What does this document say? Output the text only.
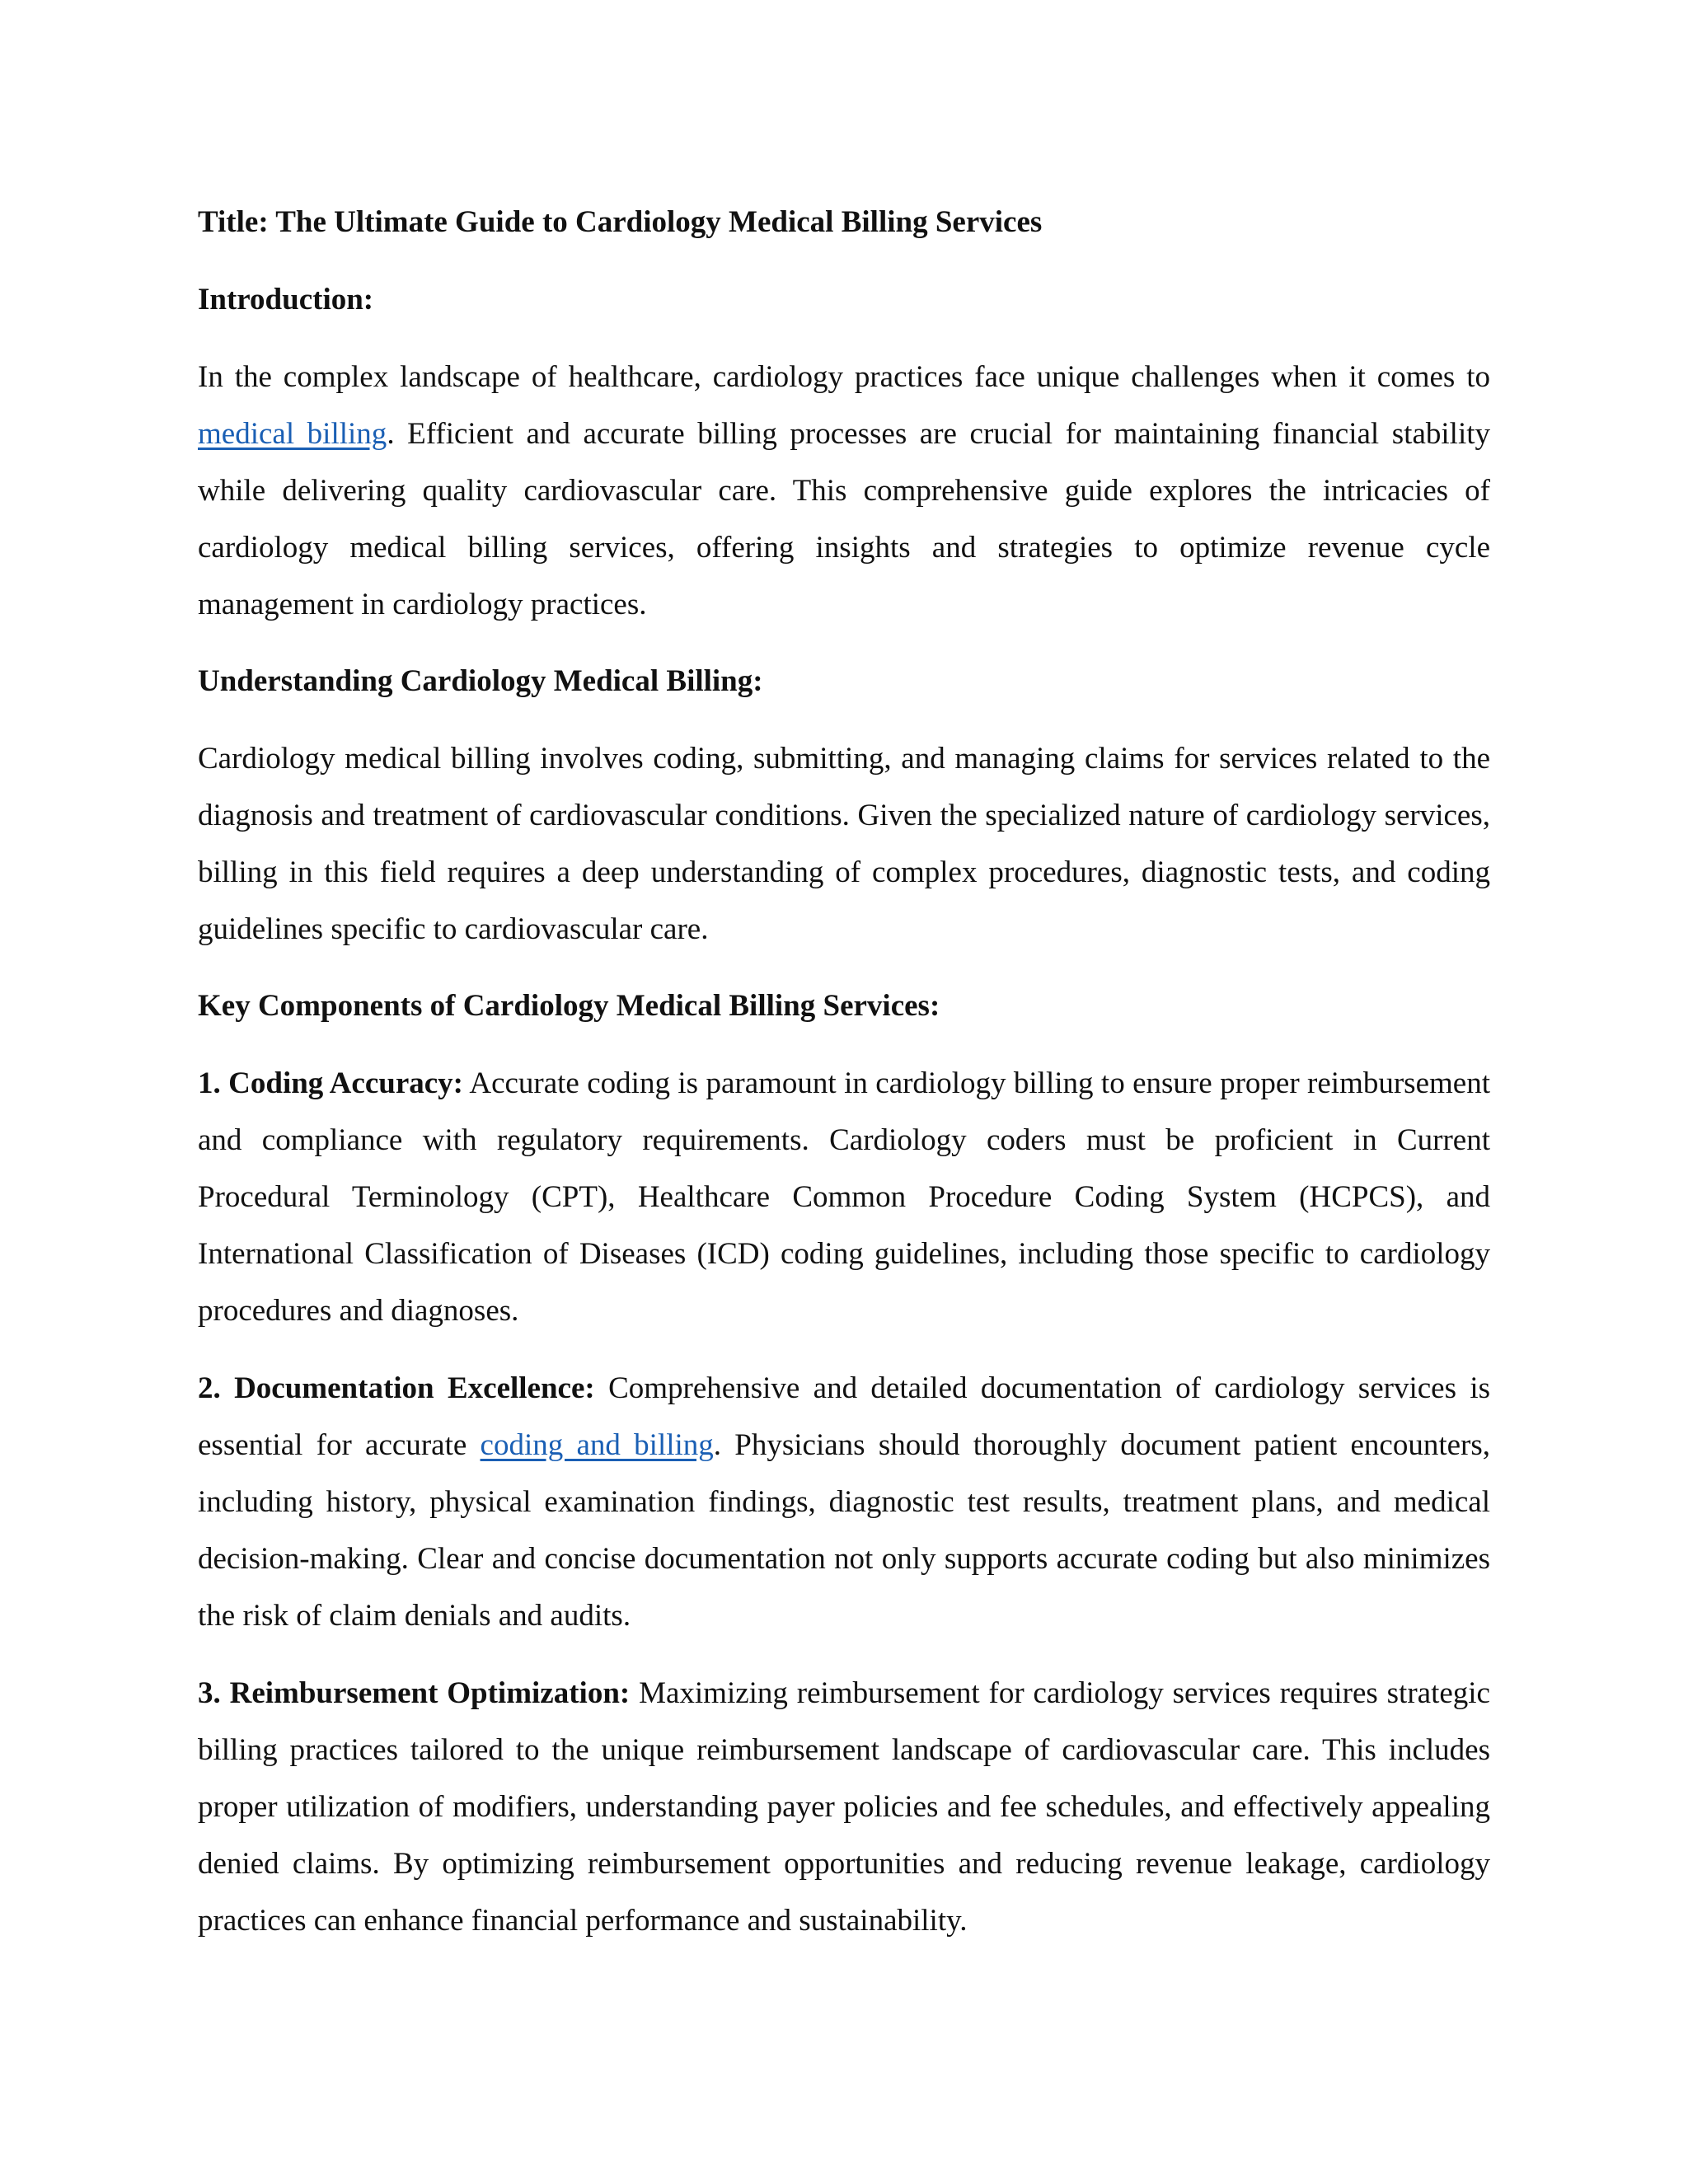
Title: The Ultimate Guide to Cardiology Medical Billing Services
Introduction:

In the complex landscape of healthcare, cardiology practices face unique challenges when it comes to medical billing. Efficient and accurate billing processes are crucial for maintaining financial stability while delivering quality cardiovascular care. This comprehensive guide explores the intricacies of cardiology medical billing services, offering insights and strategies to optimize revenue cycle management in cardiology practices.

Understanding Cardiology Medical Billing:

Cardiology medical billing involves coding, submitting, and managing claims for services related to the diagnosis and treatment of cardiovascular conditions. Given the specialized nature of cardiology services, billing in this field requires a deep understanding of complex procedures, diagnostic tests, and coding guidelines specific to cardiovascular care.

Key Components of Cardiology Medical Billing Services:

1. Coding Accuracy: Accurate coding is paramount in cardiology billing to ensure proper reimbursement and compliance with regulatory requirements. Cardiology coders must be proficient in Current Procedural Terminology (CPT), Healthcare Common Procedure Coding System (HCPCS), and International Classification of Diseases (ICD) coding guidelines, including those specific to cardiology procedures and diagnoses.

2. Documentation Excellence: Comprehensive and detailed documentation of cardiology services is essential for accurate coding and billing. Physicians should thoroughly document patient encounters, including history, physical examination findings, diagnostic test results, treatment plans, and medical decision-making. Clear and concise documentation not only supports accurate coding but also minimizes the risk of claim denials and audits.

3. Reimbursement Optimization: Maximizing reimbursement for cardiology services requires strategic billing practices tailored to the unique reimbursement landscape of cardiovascular care. This includes proper utilization of modifiers, understanding payer policies and fee schedules, and effectively appealing denied claims. By optimizing reimbursement opportunities and reducing revenue leakage, cardiology practices can enhance financial performance and sustainability.
